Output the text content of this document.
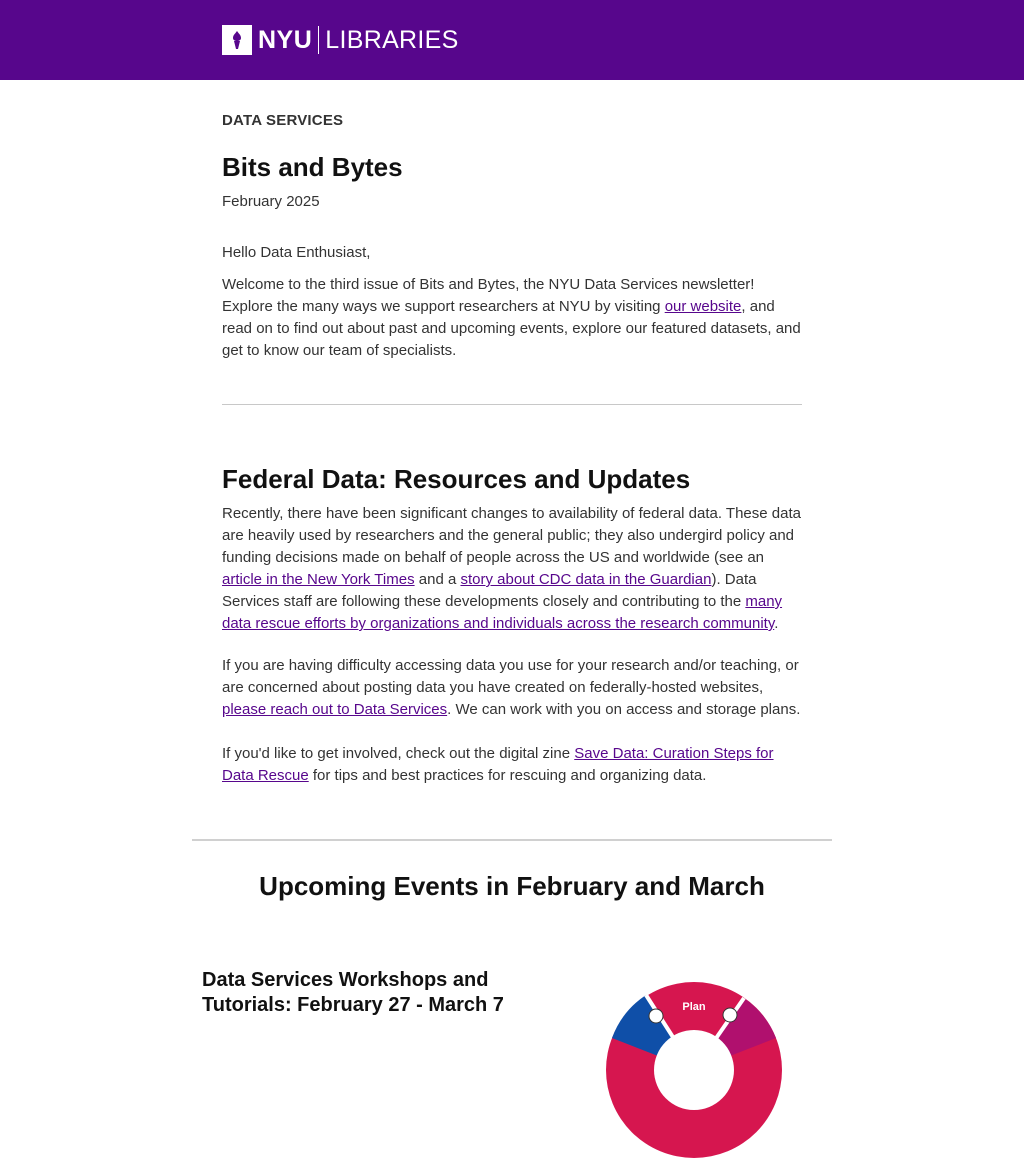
NYU LIBRARIES
DATA SERVICES
Bits and Bytes
February 2025

Hello Data Enthusiast,

Welcome to the third issue of Bits and Bytes, the NYU Data Services newsletter! Explore the many ways we support researchers at NYU by visiting our website, and read on to find out about past and upcoming events, explore our featured datasets, and get to know our team of specialists.

Federal Data: Resources and Updates

Recently, there have been significant changes to availability of federal data. These data are heavily used by researchers and the general public; they also undergird policy and funding decisions made on behalf of people across the US and worldwide (see an article in the New York Times and a story about CDC data in the Guardian). Data Services staff are following these developments closely and contributing to the many data rescue efforts by organizations and individuals across the research community.

If you are having difficulty accessing data you use for your research and/or teaching, or are concerned about posting data you have created on federally-hosted websites, please reach out to Data Services. We can work with you on access and storage plans.

If you'd like to get involved, check out the digital zine Save Data: Curation Steps for Data Rescue for tips and best practices for rescuing and organizing data.

Upcoming Events in February and March
Data Services Workshops and Tutorials: February 27 - March 7	Plan
